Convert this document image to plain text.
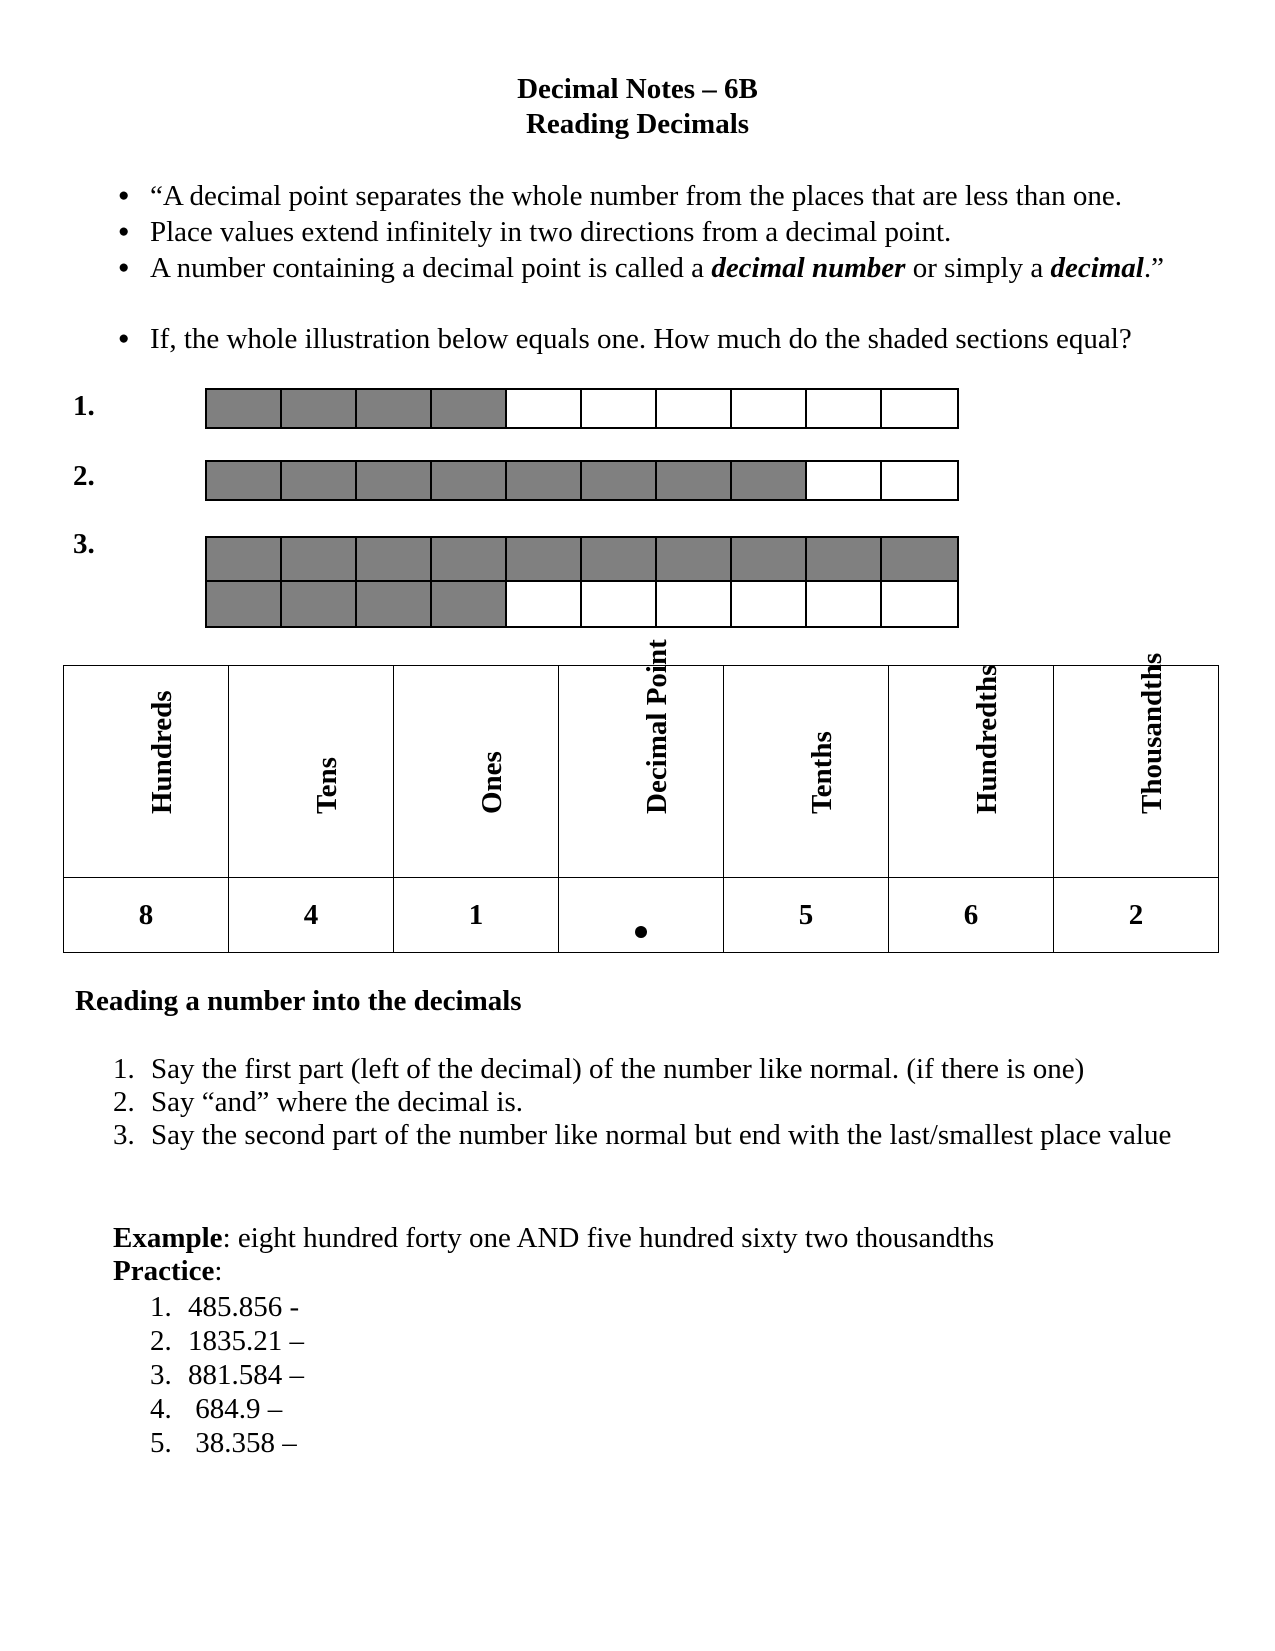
Decimal Notes – 6B
Reading Decimals
● “A decimal point separates the whole number from the places that are less than one.
● Place values extend infinitely in two directions from a decimal point.
● A number containing a decimal point is called a decimal number or simply a decimal.”
● If, the whole illustration below equals one. How much do the shaded sections equal?
1.
2.
3.
Hundreds	Tens	Ones	Decimal Point	Tenths	Hundredths	Thousandths

8	4	1		5	6	2
Reading a number into the decimals
1. Say the first part (left of the decimal) of the number like normal. (if there is one)
2. Say “and” where the decimal is.
3. Say the second part of the number like normal but end with the last/smallest place value
Example: eight hundred forty one AND five hundred sixty two thousandths
Practice:
1. 485.856 -
2. 1835.21 –
3. 881.584 –
4. 684.9 –
5. 38.358 –
